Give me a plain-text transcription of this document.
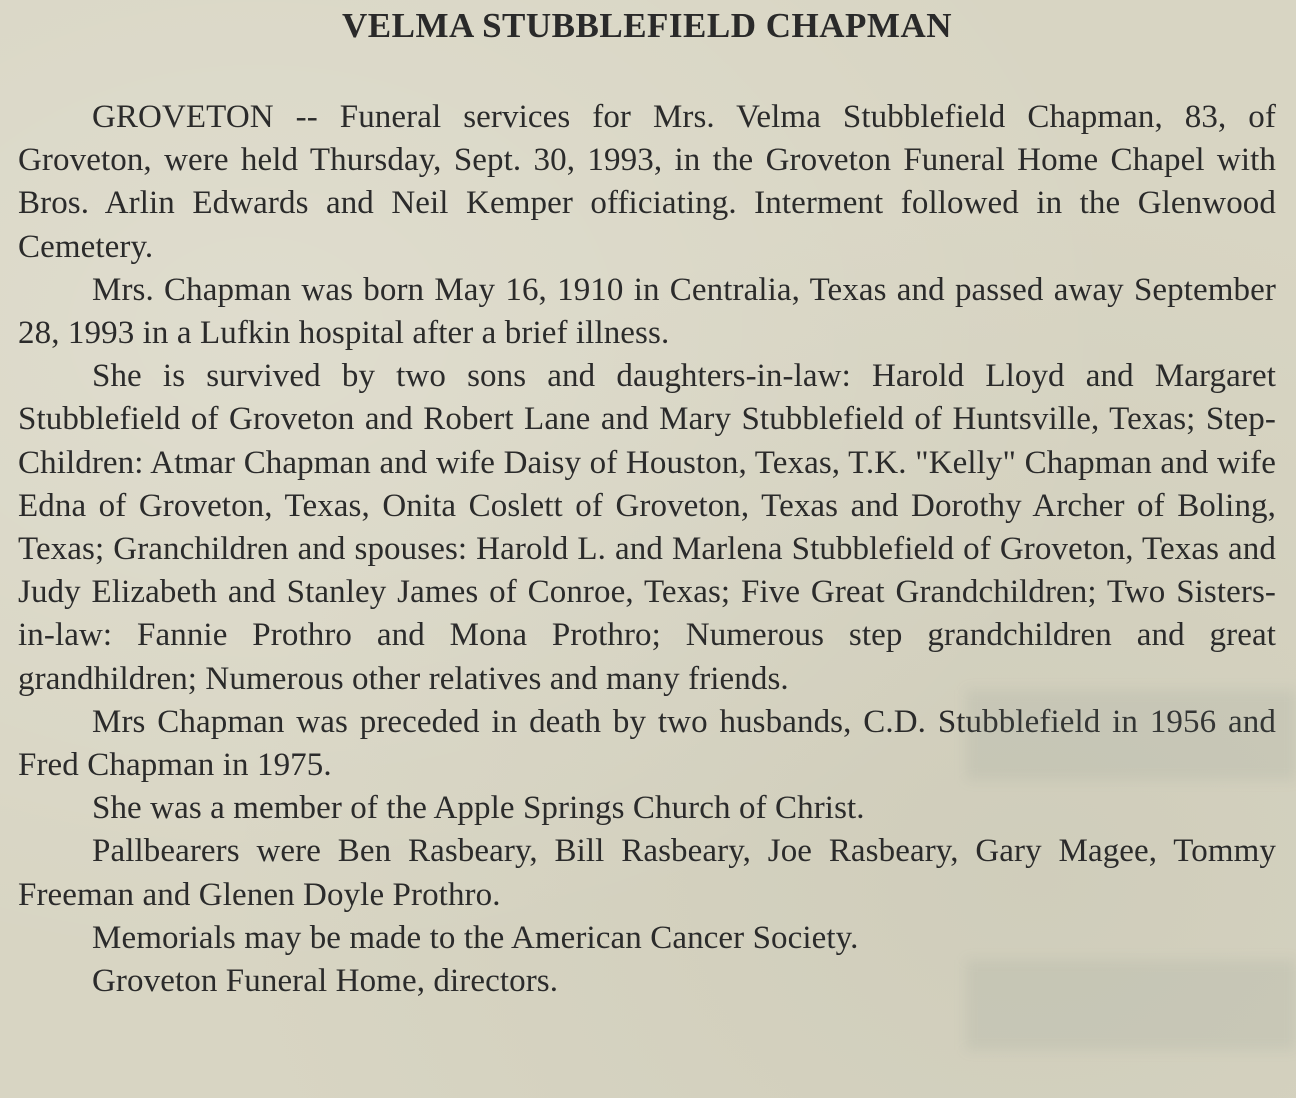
VELMA STUBBLEFIELD CHAPMAN

GROVETON -- Funeral services for Mrs. Velma Stubblefield Chapman, 83, of Groveton, were held Thursday, Sept. 30, 1993, in the Groveton Funeral Home Chapel with Bros. Arlin Edwards and Neil Kemper officiating. Interment followed in the Glenwood Cemetery.

Mrs. Chapman was born May 16, 1910 in Centralia, Texas and passed away September 28, 1993 in a Lufkin hospital after a brief illness.

She is survived by two sons and daughters-in-law: Harold Lloyd and Margaret Stubblefield of Groveton and Robert Lane and Mary Stubblefield of Huntsville, Texas; Step-Children: Atmar Chapman and wife Daisy of Houston, Texas, T.K. "Kelly" Chapman and wife Edna of Groveton, Texas, Onita Coslett of Groveton, Texas and Dorothy Archer of Boling, Texas; Granchildren and spouses: Harold L. and Marlena Stubblefield of Groveton, Texas and Judy Elizabeth and Stanley James of Conroe, Texas; Five Great Grandchildren; Two Sisters-in-law: Fannie Prothro and Mona Prothro; Numerous step grandchildren and great grandhildren; Numerous other relatives and many friends.

Mrs Chapman was preceded in death by two husbands, C.D. Stubblefield in 1956 and Fred Chapman in 1975.

She was a member of the Apple Springs Church of Christ.

Pallbearers were Ben Rasbeary, Bill Rasbeary, Joe Rasbeary, Gary Magee, Tommy Freeman and Glenen Doyle Prothro.

Memorials may be made to the American Cancer Society.

Groveton Funeral Home, directors.
